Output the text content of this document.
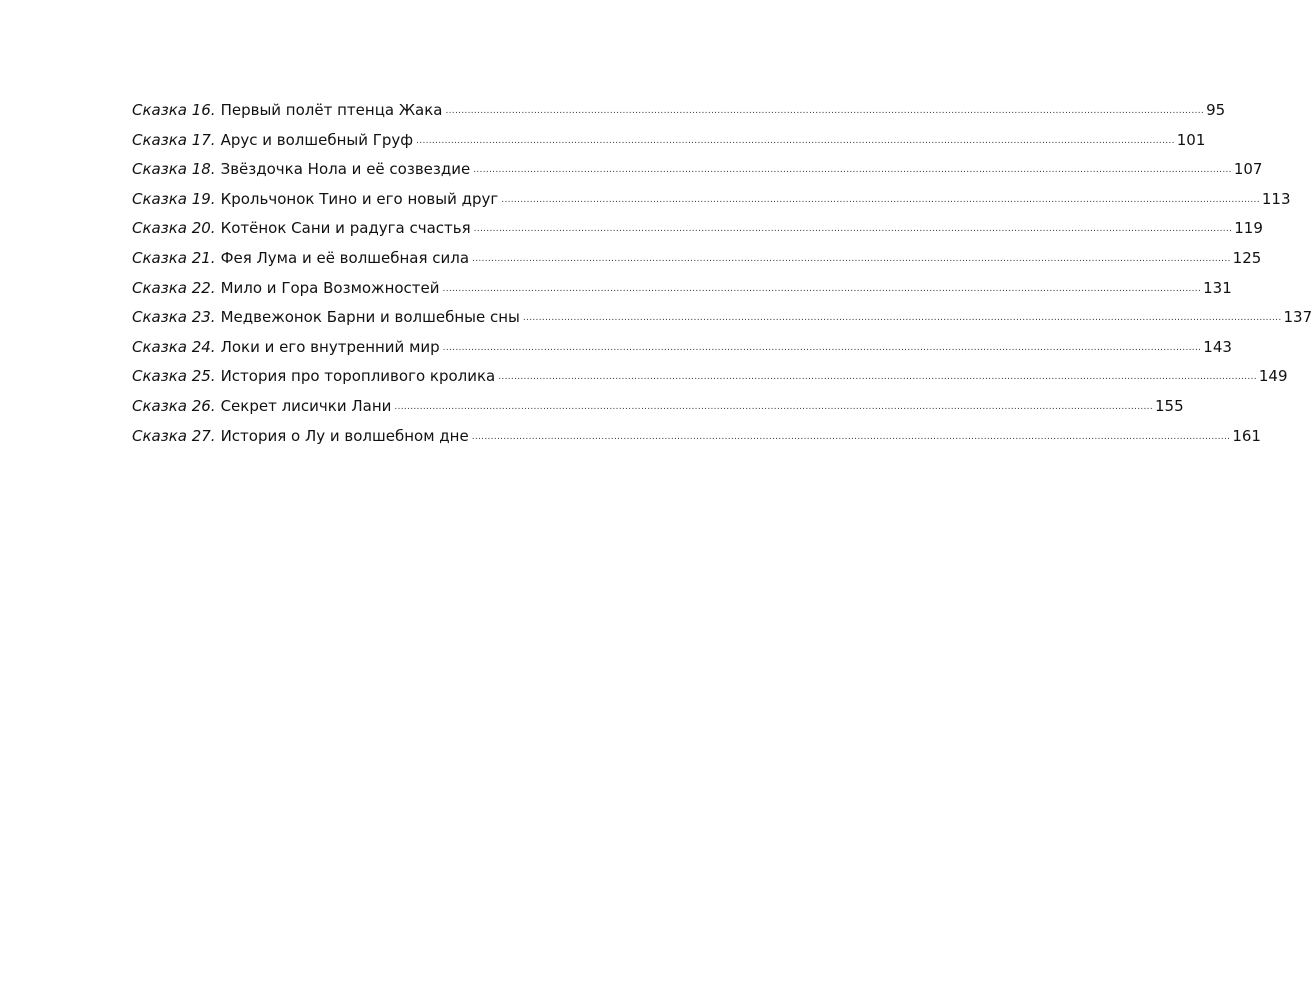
Сказка 16. Первый полёт птенца Жака ................................................................................................................................................................................................................................................ 95
Сказка 17. Арус и волшебный Груф ................................................................................................................................................................................................................................................ 101
Сказка 18. Звёздочка Нола и её созвездие ................................................................................................................................................................................................................................................ 107
Сказка 19. Крольчонок Тино и его новый друг ................................................................................................................................................................................................................................................ 113
Сказка 20. Котёнок Сани и радуга счастья ................................................................................................................................................................................................................................................ 119
Сказка 21. Фея Лума и её волшебная сила ................................................................................................................................................................................................................................................ 125
Сказка 22. Мило и Гора Возможностей ................................................................................................................................................................................................................................................ 131
Сказка 23. Медвежонок Барни и волшебные сны ................................................................................................................................................................................................................................................ 137
Сказка 24. Локи и его внутренний мир ................................................................................................................................................................................................................................................ 143
Сказка 25. История про торопливого кролика ................................................................................................................................................................................................................................................ 149
Сказка 26. Секрет лисички Лани ................................................................................................................................................................................................................................................ 155
Сказка 27. История о Лу и волшебном дне ................................................................................................................................................................................................................................................ 161
